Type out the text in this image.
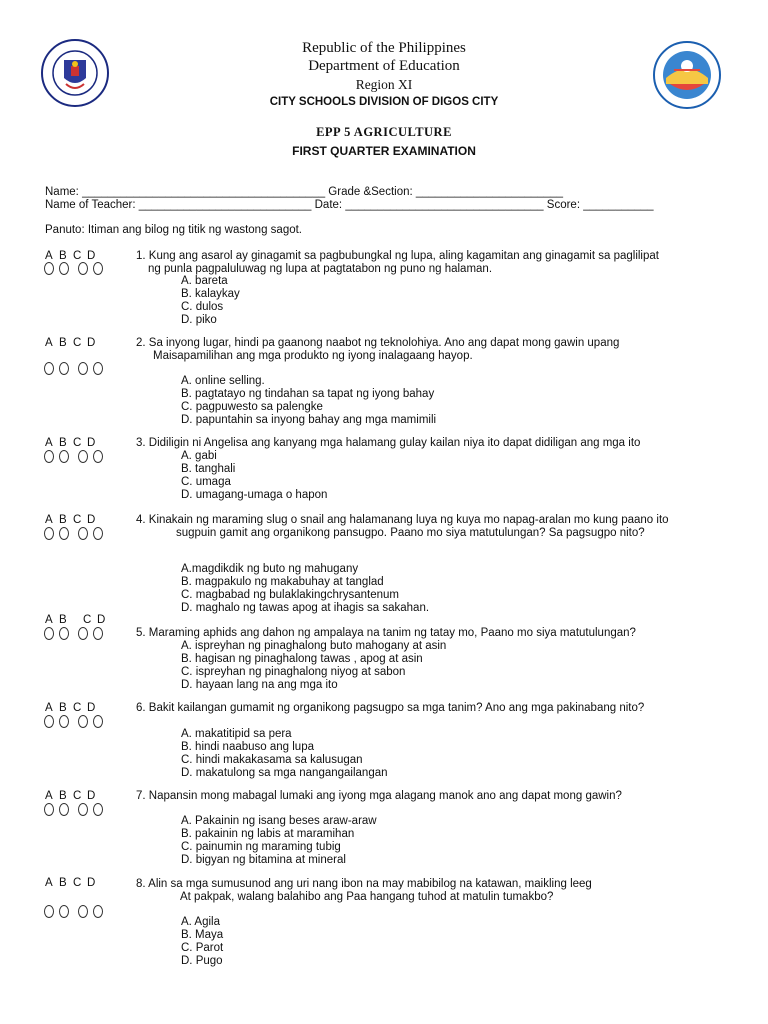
Republic of the Philippines
Department of Education
Region XI
CITY SCHOOLS DIVISION OF DIGOS CITY
EPP 5 AGRICULTURE
FIRST QUARTER EXAMINATION
Name: ______________________________________ Grade &Section: _______________________
Name of Teacher: ___________________________ Date: _______________________________ Score: ___________
Panuto: Itiman ang bilog ng titik ng wastong sagot.
A B C D	1. Kung ang asarol ay ginagamit sa pagbubungkal ng lupa, aling kagamitan ang ginagamit sa paglilipat
ng punla pagpaluluwag ng lupa at pagtatabon ng puno ng halaman.
A. bareta
B. kalaykay
C. dulos
D. piko
A B C D	2. Sa inyong lugar, hindi pa gaanong naabot ng teknolohiya. Ano ang dapat mong gawin upang
Maisapamilihan ang mga produkto ng iyong inalagaang hayop.
A. online selling.
B. pagtatayo ng tindahan sa tapat ng iyong bahay
C. pagpuwesto sa palengke
D. papuntahin sa inyong bahay ang mga mamimili
A B C D	3. Didiligin ni Angelisa ang kanyang mga halamang gulay kailan niya ito dapat didiligan ang mga ito
A. gabi
B. tanghali
C. umaga
D. umagang-umaga o hapon
A B C D	4. Kinakain ng maraming slug o snail ang halamanang luya ng kuya mo napag-aralan mo kung paano ito
sugpuin gamit ang organikong pansugpo. Paano mo siya matutulungan? Sa pagsugpo nito?
A.magdikdik ng buto ng mahugany
B. magpakulo ng makabuhay at tanglad
C. magbabad ng bulaklakingchrysantenum
D. maghalo ng tawas apog at ihagis sa sakahan.
A B C D
5. Maraming aphids ang dahon ng ampalaya na tanim ng tatay mo, Paano mo siya matutulungan?
A. ispreyhan ng pinaghalong buto mahogany at asin
B. hagisan ng pinaghalong tawas , apog at asin
C. ispreyhan ng pinaghalong niyog at sabon
D. hayaan lang na ang mga ito
A B C D	6. Bakit kailangan gumamit ng organikong pagsugpo sa mga tanim? Ano ang mga pakinabang nito?
A. makatitipid sa pera
B. hindi naabuso ang lupa
C. hindi makakasama sa kalusugan
D. makatulong sa mga nangangailangan
A B C D	7. Napansin mong mabagal lumaki ang iyong mga alagang manok ano ang dapat mong gawin?
A. Pakainin ng isang beses araw-araw
B. pakainin ng labis at maramihan
C. painumin ng maraming tubig
D. bigyan ng bitamina at mineral
A B C D	8. Alin sa mga sumusunod ang uri nang ibon na may mabibilog na katawan, maikling leeg
At pakpak, walang balahibo ang Paa hangang tuhod at matulin tumakbo?
A. Agila
B. Maya
C. Parot
D. Pugo
